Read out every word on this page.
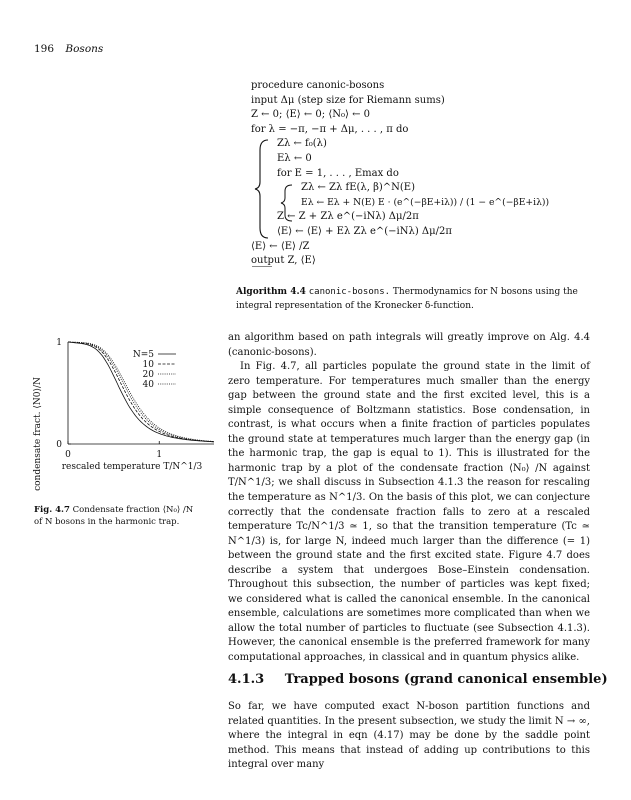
196 Bosons
procedure canonic-bosons
input Δμ (step size for Riemann sums)
Z ← 0; ⟨E⟩ ← 0; ⟨N₀⟩ ← 0
for λ = −π, −π + Δμ, . . . , π do
Zλ ← f₀(λ)
Eλ ← 0
for E = 1, . . . , Emax do
Zλ ← Zλ fE(λ, β)^N(E)
Eλ ← Eλ + N(E) E · (e^(−βE+iλ)) / (1 − e^(−βE+iλ))
Z ← Z + Zλ e^(−iNλ) Δμ/2π
⟨E⟩ ← ⟨E⟩ + Eλ Zλ e^(−iNλ) Δμ/2π
⟨E⟩ ← ⟨E⟩ /Z
output Z, ⟨E⟩
Algorithm 4.4 canonic-bosons. Thermodynamics for N bosons using the integral representation of the Kronecker δ-function.
0	1
0
1
N=5
10
20
40
condensate fract. ⟨N0⟩/N rescaled temperature T/N^1/3
Fig. 4.7 Condensate fraction ⟨N₀⟩ /N of N bosons in the harmonic trap.

an algorithm based on path integrals will greatly improve on Alg. 4.4 (canonic-bosons).

In Fig. 4.7, all particles populate the ground state in the limit of zero temperature. For temperatures much smaller than the energy gap between the ground state and the first excited level, this is a simple consequence of Boltzmann statistics. Bose condensation, in contrast, is what occurs when a finite fraction of particles populates the ground state at temperatures much larger than the energy gap (in the harmonic trap, the gap is equal to 1). This is illustrated for the harmonic trap by a plot of the condensate fraction ⟨N₀⟩ /N against T/N^1/3; we shall discuss in Subsection 4.1.3 the reason for rescaling the temperature as N^1/3. On the basis of this plot, we can conjecture correctly that the condensate fraction falls to zero at a rescaled temperature Tc/N^1/3 ≃ 1, so that the transition temperature (Tc ≃ N^1/3) is, for large N, indeed much larger than the difference (= 1) between the ground state and the first excited state. Figure 4.7 does describe a system that undergoes Bose–Einstein condensation. Throughout this subsection, the number of particles was kept fixed; we considered what is called the canonical ensemble. In the canonical ensemble, calculations are sometimes more complicated than when we allow the total number of particles to fluctuate (see Subsection 4.1.3). However, the canonical ensemble is the preferred framework for many computational approaches, in classical and in quantum physics alike.

4.1.3 Trapped bosons (grand canonical ensemble)

So far, we have computed exact N-boson partition functions and related quantities. In the present subsection, we study the limit N → ∞, where the integral in eqn (4.17) may be done by the saddle point method. This means that instead of adding up contributions to this integral over many
